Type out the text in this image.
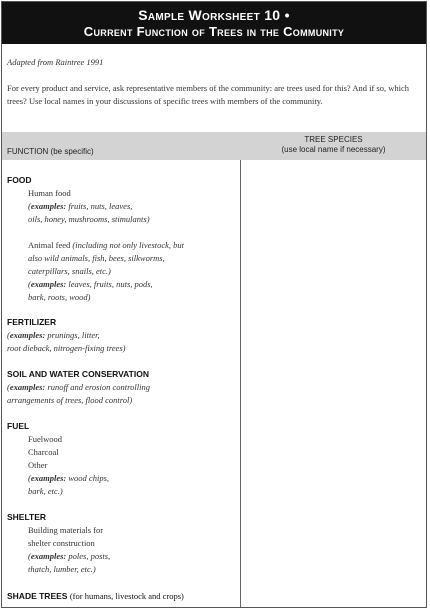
Sample Worksheet 10 •
Current Function of Trees in the Community
Adapted from Raintree 1991
For every product and service, ask representative members of the community: are trees used for this? And if so, which trees? Use local names in your discussions of specific trees with members of the community.
FUNCTION (be specific)
TREE SPECIES
(use local name if necessary)
FOOD
Human food
(examples: fruits, nuts, leaves,
oils, honey, mushrooms, stimulants)
Animal feed (including not only livestock, but
also wild animals, fish, bees, silkworms,
caterpillars, snails, etc.)
(examples: leaves, fruits, nuts, pods,
bark, roots, wood)
FERTILIZER
(examples: prunings, litter,
root dieback, nitrogen-fixing trees)
SOIL AND WATER CONSERVATION
(examples: runoff and erosion controlling
arrangements of trees, flood control)
FUEL
Fuelwood
Charcoal
Other
(examples: wood chips,
bark, etc.)
SHELTER
Building materials for
shelter construction
(examples: poles, posts,
thatch, lumber, etc.)
SHADE TREES (for humans, livestock and crops)
